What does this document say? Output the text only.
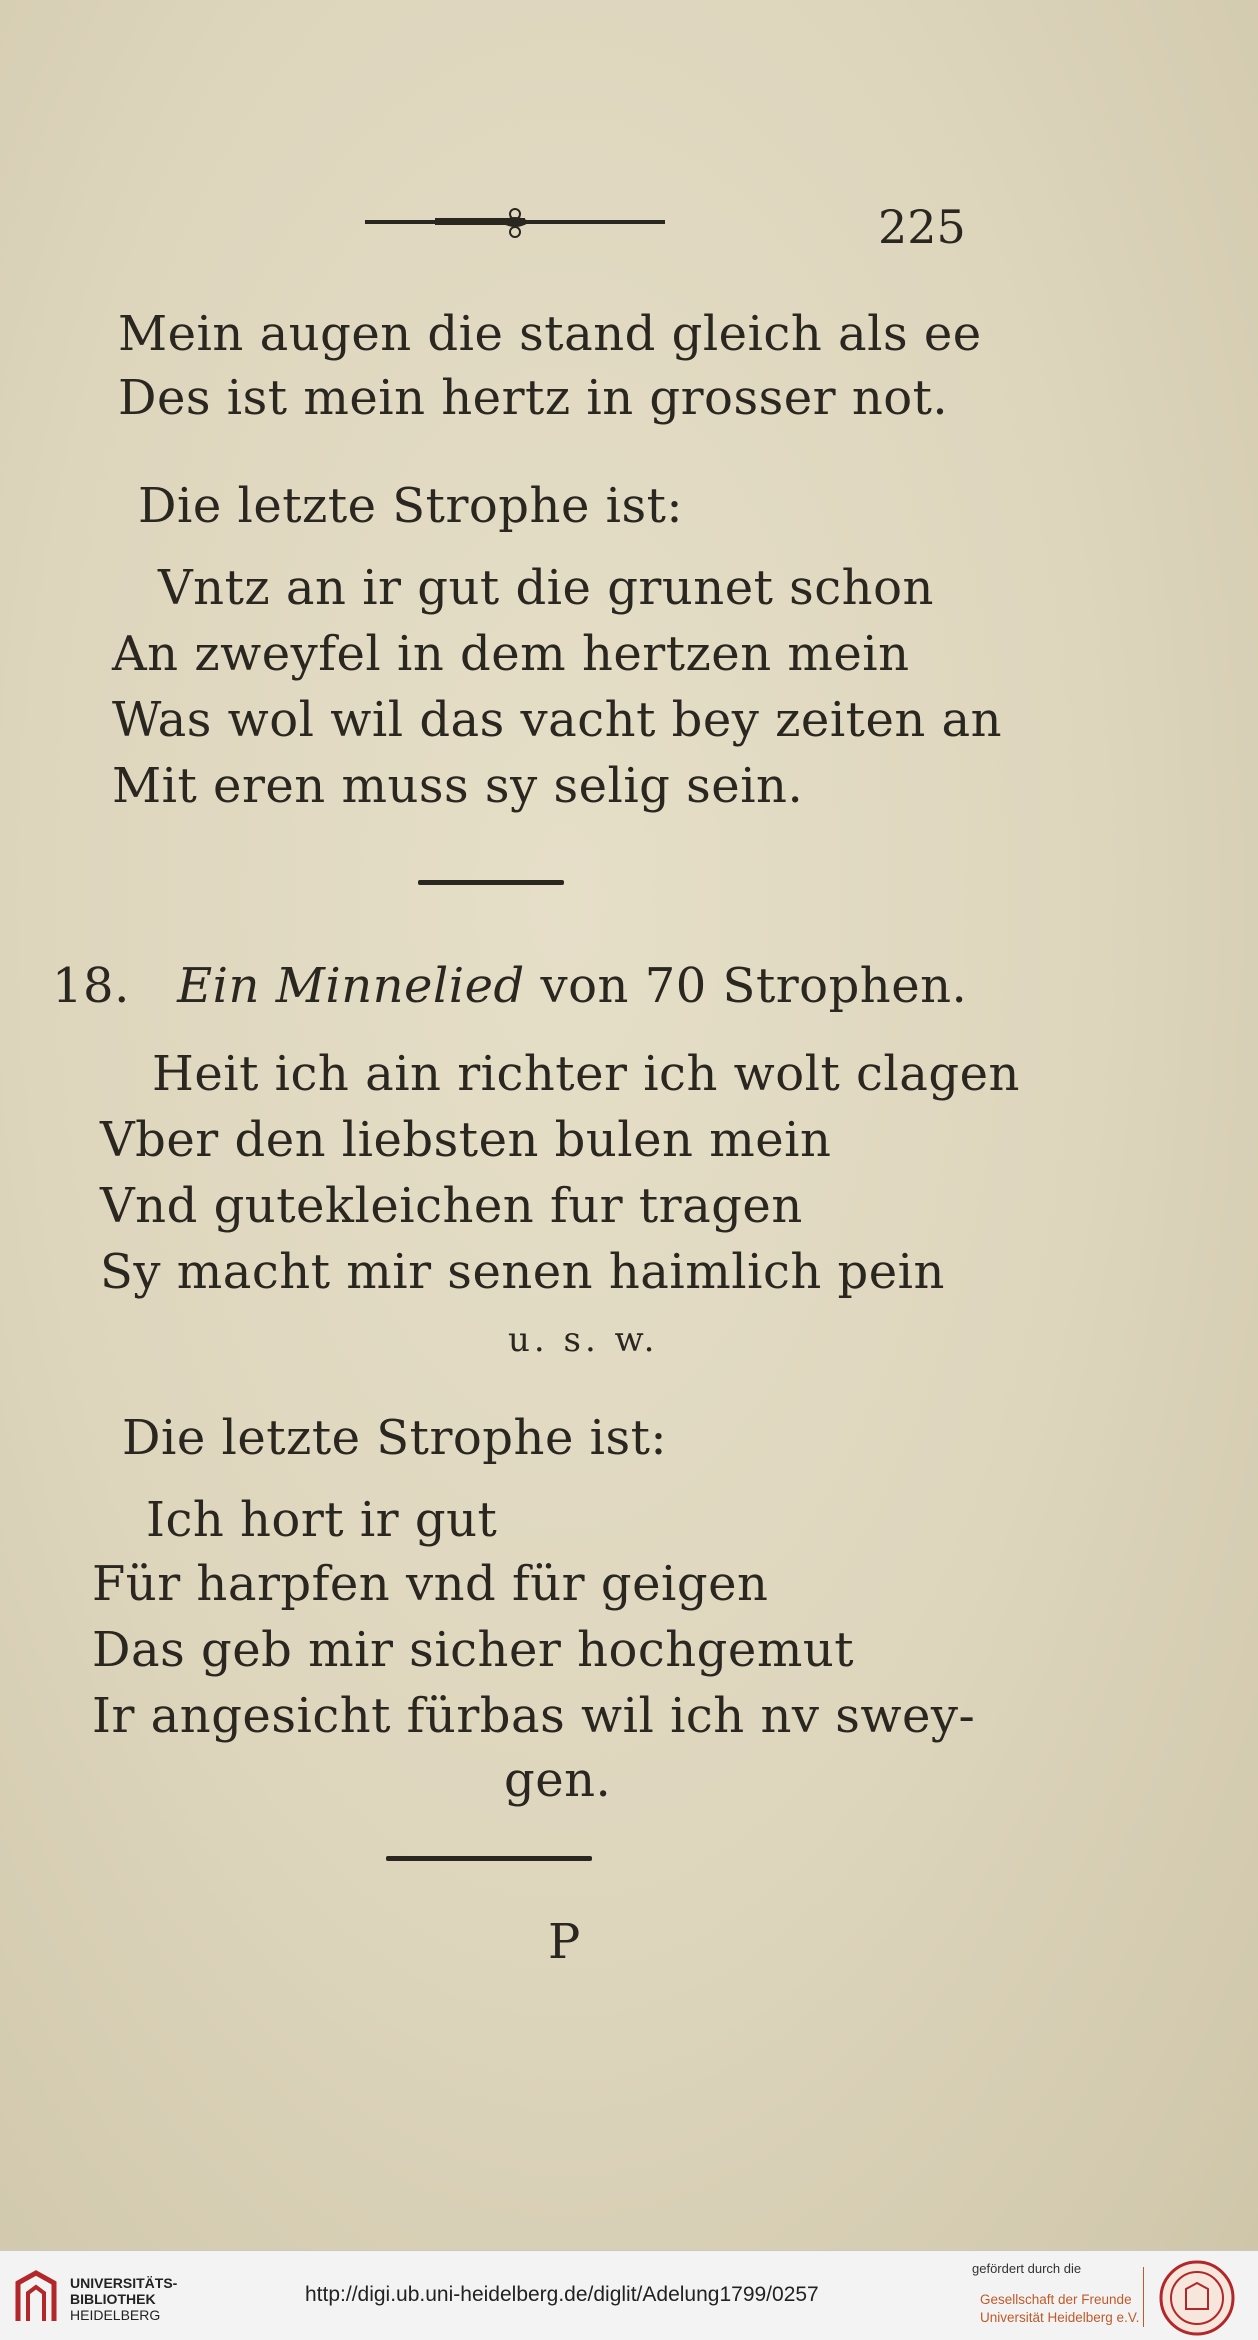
225
Mein augen die stand gleich als ee
Des ist mein hertz in grosser not.
Die letzte Strophe ist:
Vntz an ir gut die grunet schon
An zweyfel in dem hertzen mein
Was wol wil das vacht bey zeiten an
Mit eren muss sy selig sein.
18. Ein Minnelied von 70 Strophen.
Heit ich ain richter ich wolt clagen
Vber den liebsten bulen mein
Vnd gutekleichen fur tragen
Sy macht mir senen haimlich pein
u. s. w.
Die letzte Strophe ist:
Ich hort ir gut
Für harpfen vnd für geigen
Das geb mir sicher hochgemut
Ir angesicht fürbas wil ich nv swey-
gen.
P
UNIVERSITÄTS-
BIBLIOTHEK
HEIDELBERG
http://digi.ub.uni-heidelberg.de/diglit/Adelung1799/0257
gefördert durch die
Gesellschaft der Freunde
Universität Heidelberg e.V.
